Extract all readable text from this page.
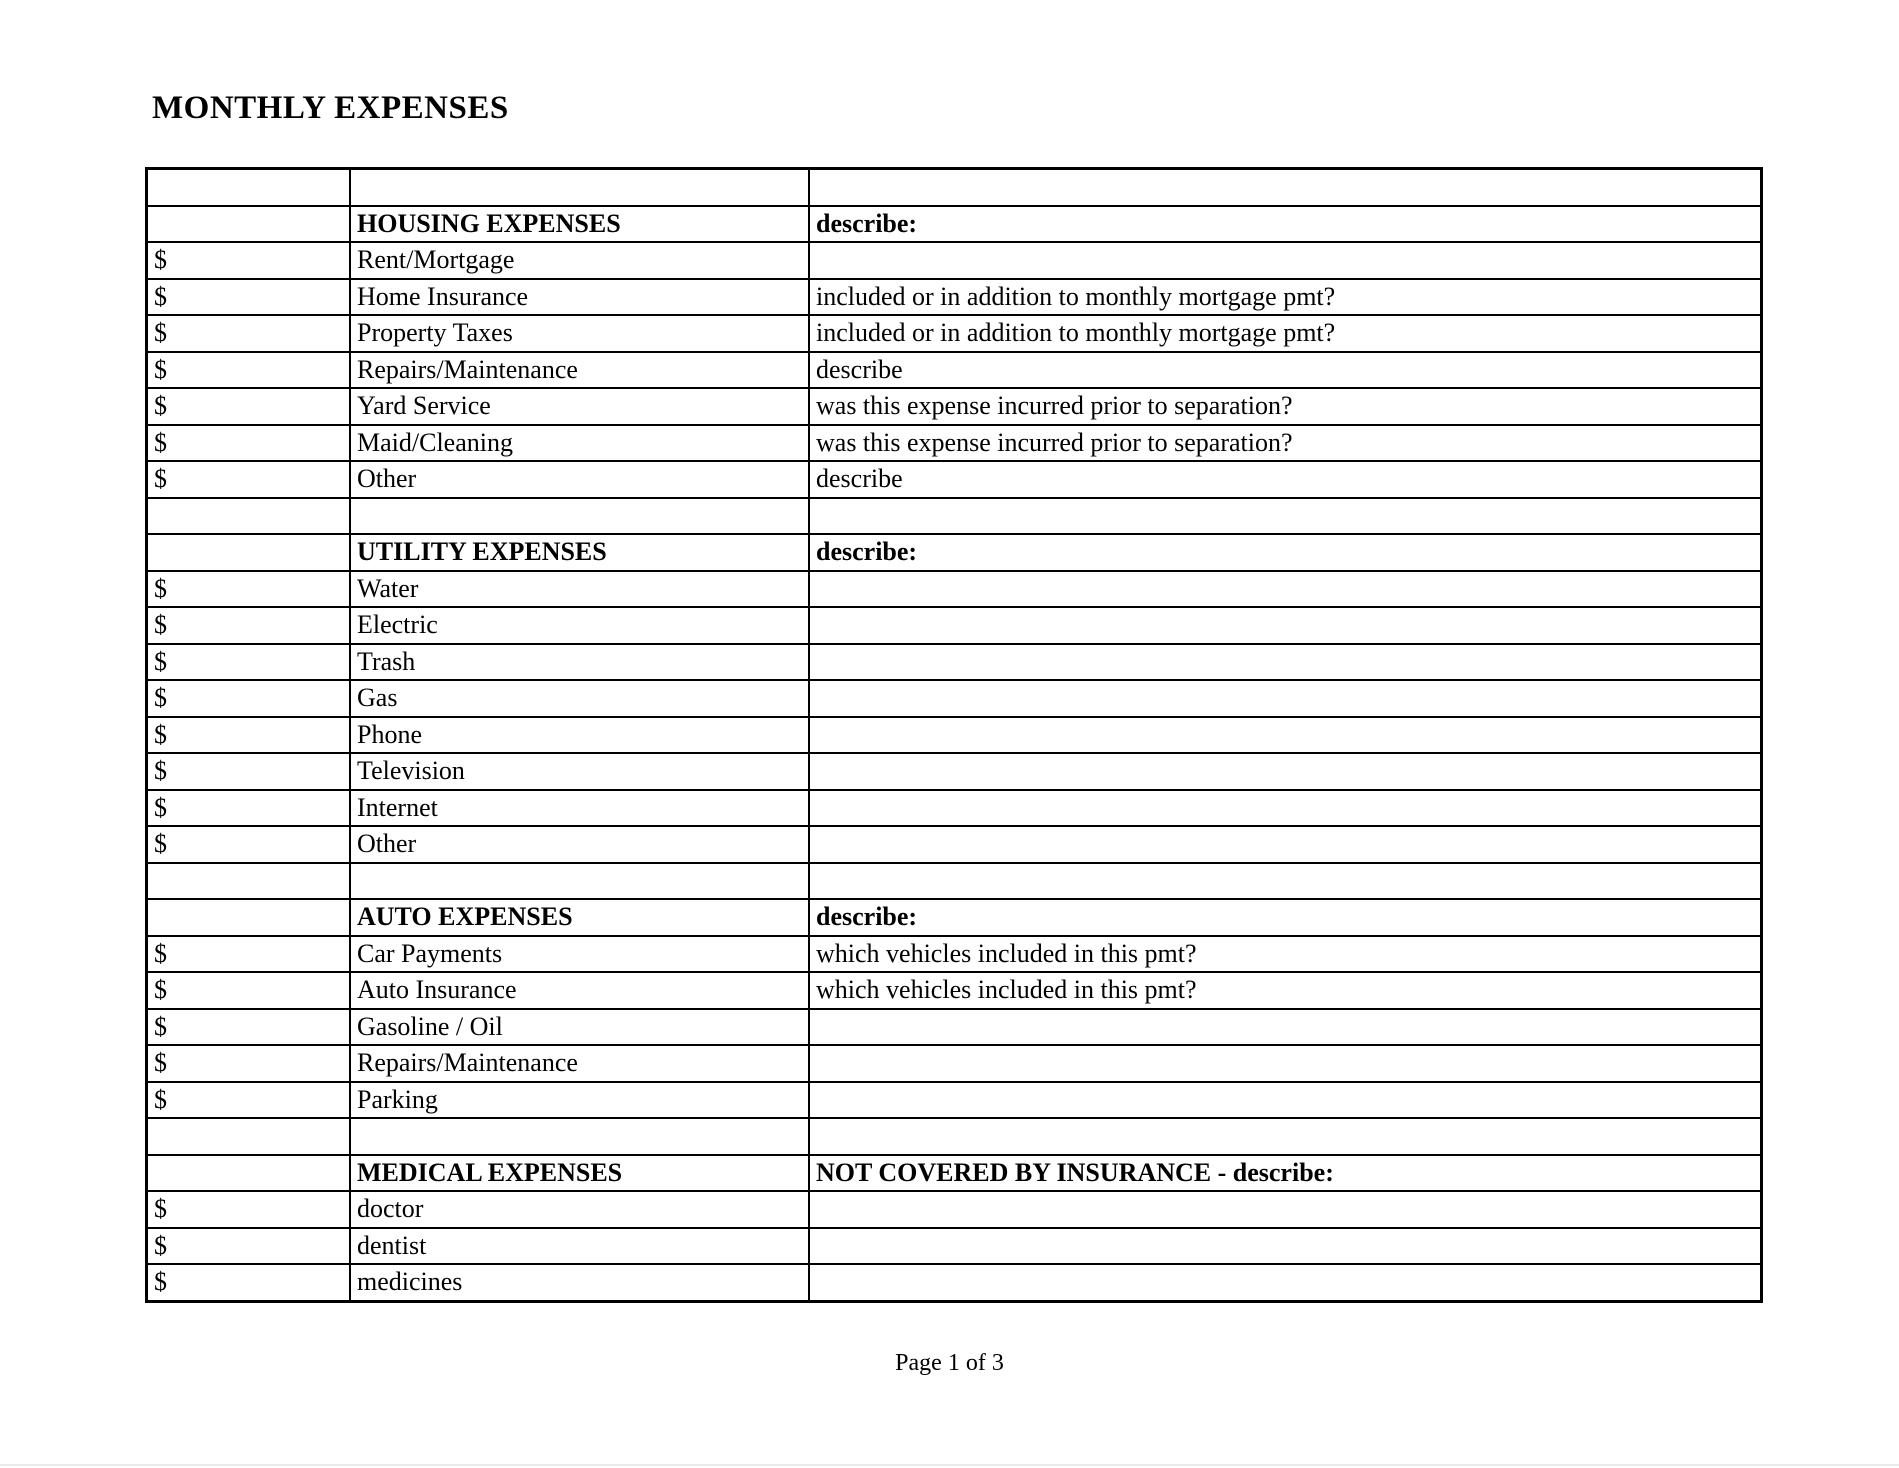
MONTHLY EXPENSES

	HOUSING EXPENSES	describe:
$	Rent/Mortgage	
$	Home Insurance	included or in addition to monthly mortgage pmt?
$	Property Taxes	included or in addition to monthly mortgage pmt?
$	Repairs/Maintenance	describe
$	Yard Service	was this expense incurred prior to separation?
$	Maid/Cleaning	was this expense incurred prior to separation?
$	Other	describe

	UTILITY EXPENSES	describe:
$	Water	
$	Electric	
$	Trash	
$	Gas	
$	Phone	
$	Television	
$	Internet	
$	Other	

	AUTO EXPENSES	describe:
$	Car Payments	which vehicles included in this pmt?
$	Auto Insurance	which vehicles included in this pmt?
$	Gasoline / Oil	
$	Repairs/Maintenance	
$	Parking	

	MEDICAL EXPENSES	NOT COVERED BY INSURANCE - describe:
$	doctor	
$	dentist	
$	medicines	
Page 1 of 3
